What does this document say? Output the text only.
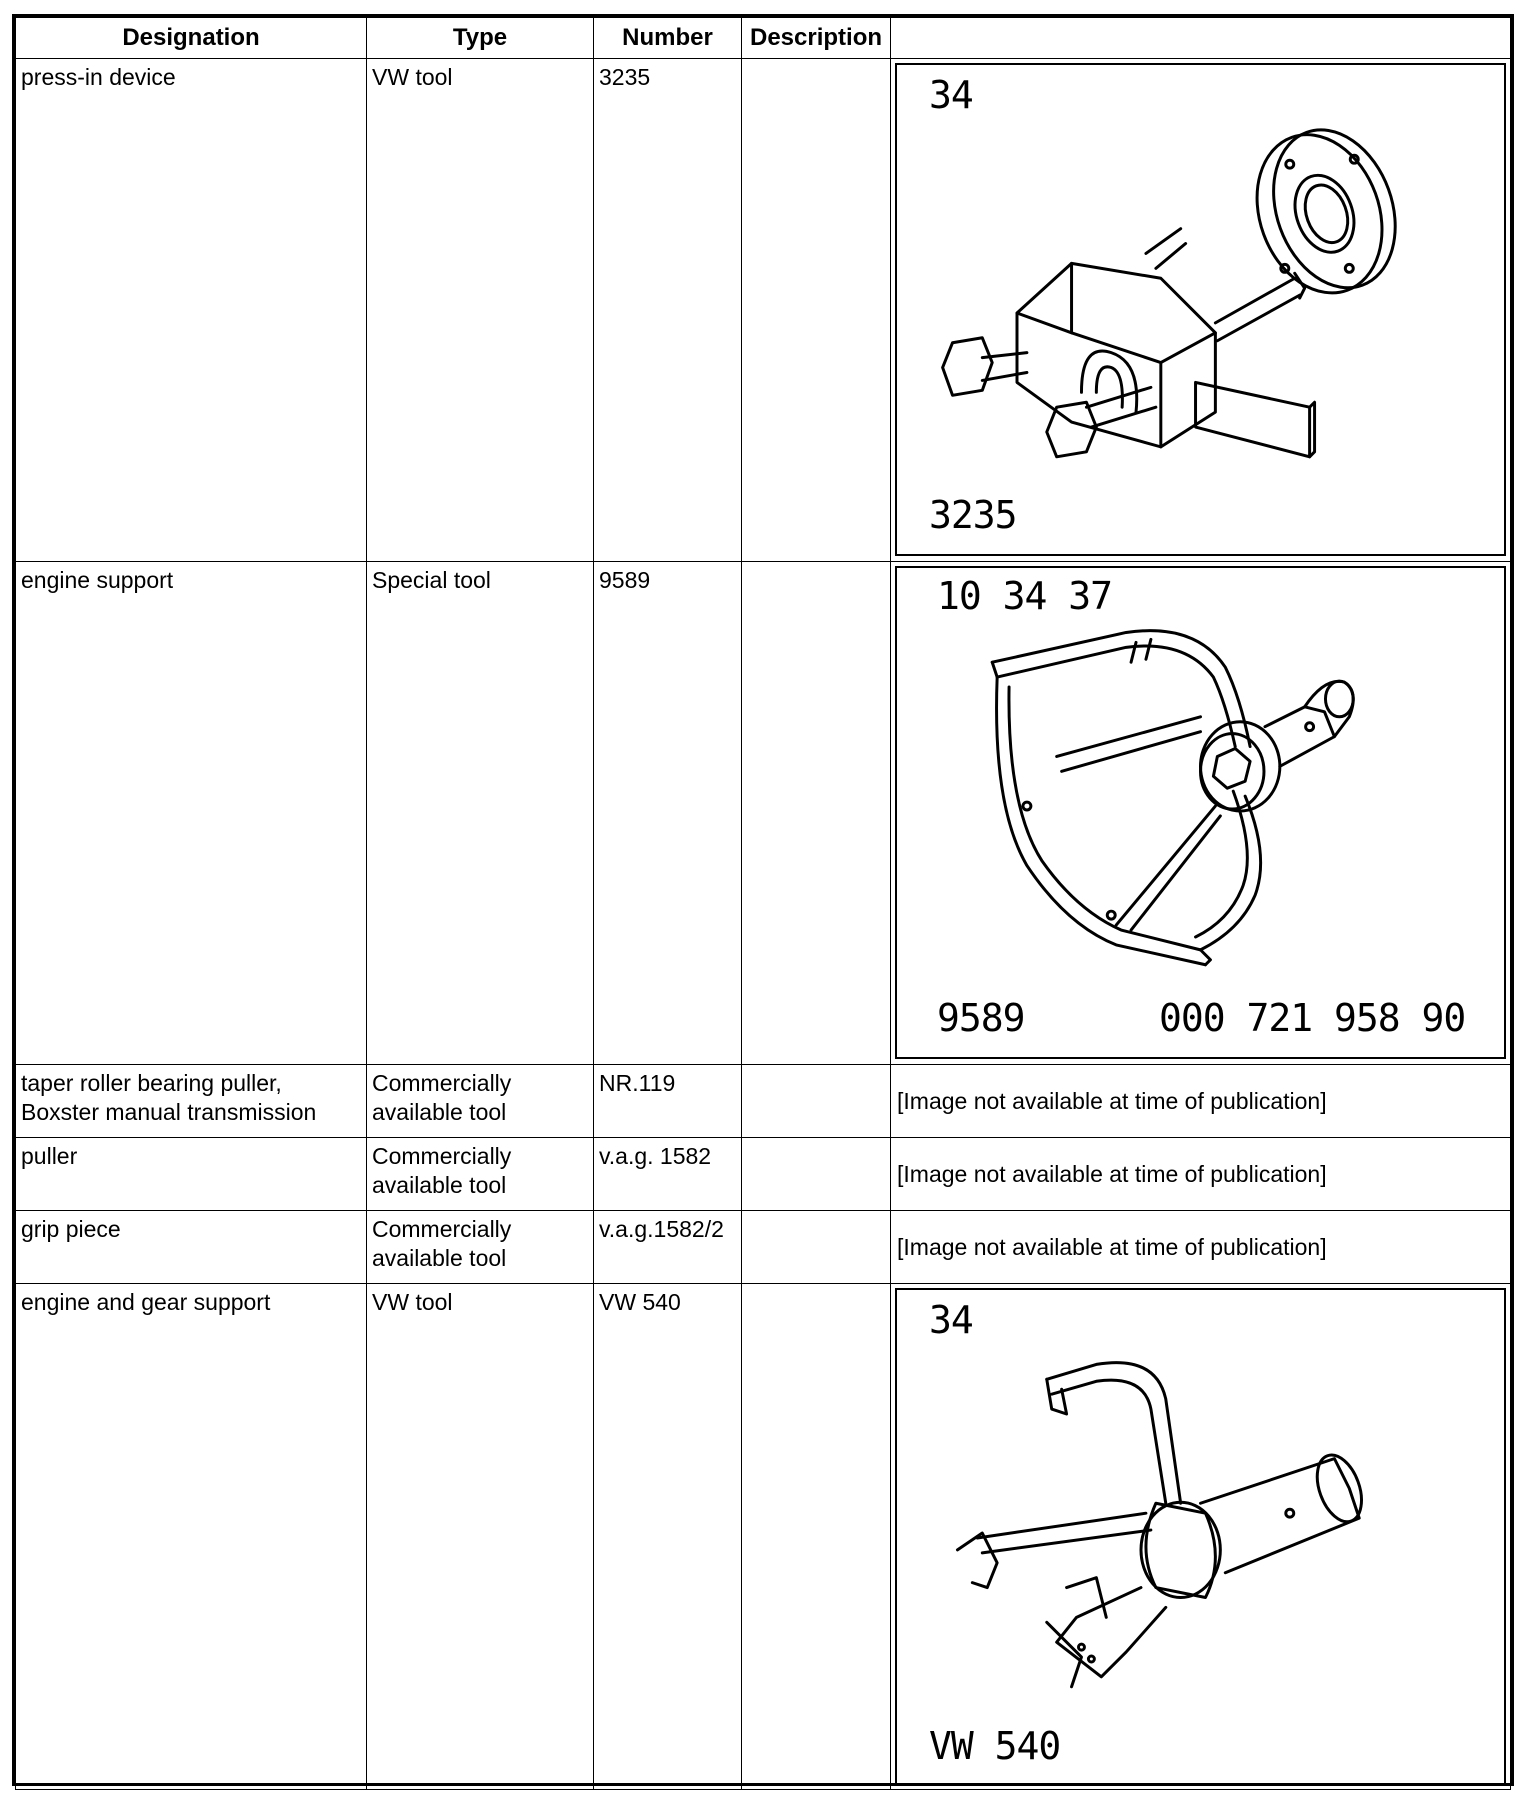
Designation	Type	Number	Description	
press-in device	VW tool	3235		34
3235

engine support	Special tool	9589		10 34 37
9589 000 721 958 90

taper roller bearing puller, Boxster manual transmission	Commercially available tool	NR.119		[Image not available at time of publication]
puller	Commercially available tool	v.a.g. 1582		[Image not available at time of publication]
grip piece	Commercially available tool	v.a.g.1582/2		[Image not available at time of publication]
engine and gear support	VW tool	VW 540		34
VW 540
